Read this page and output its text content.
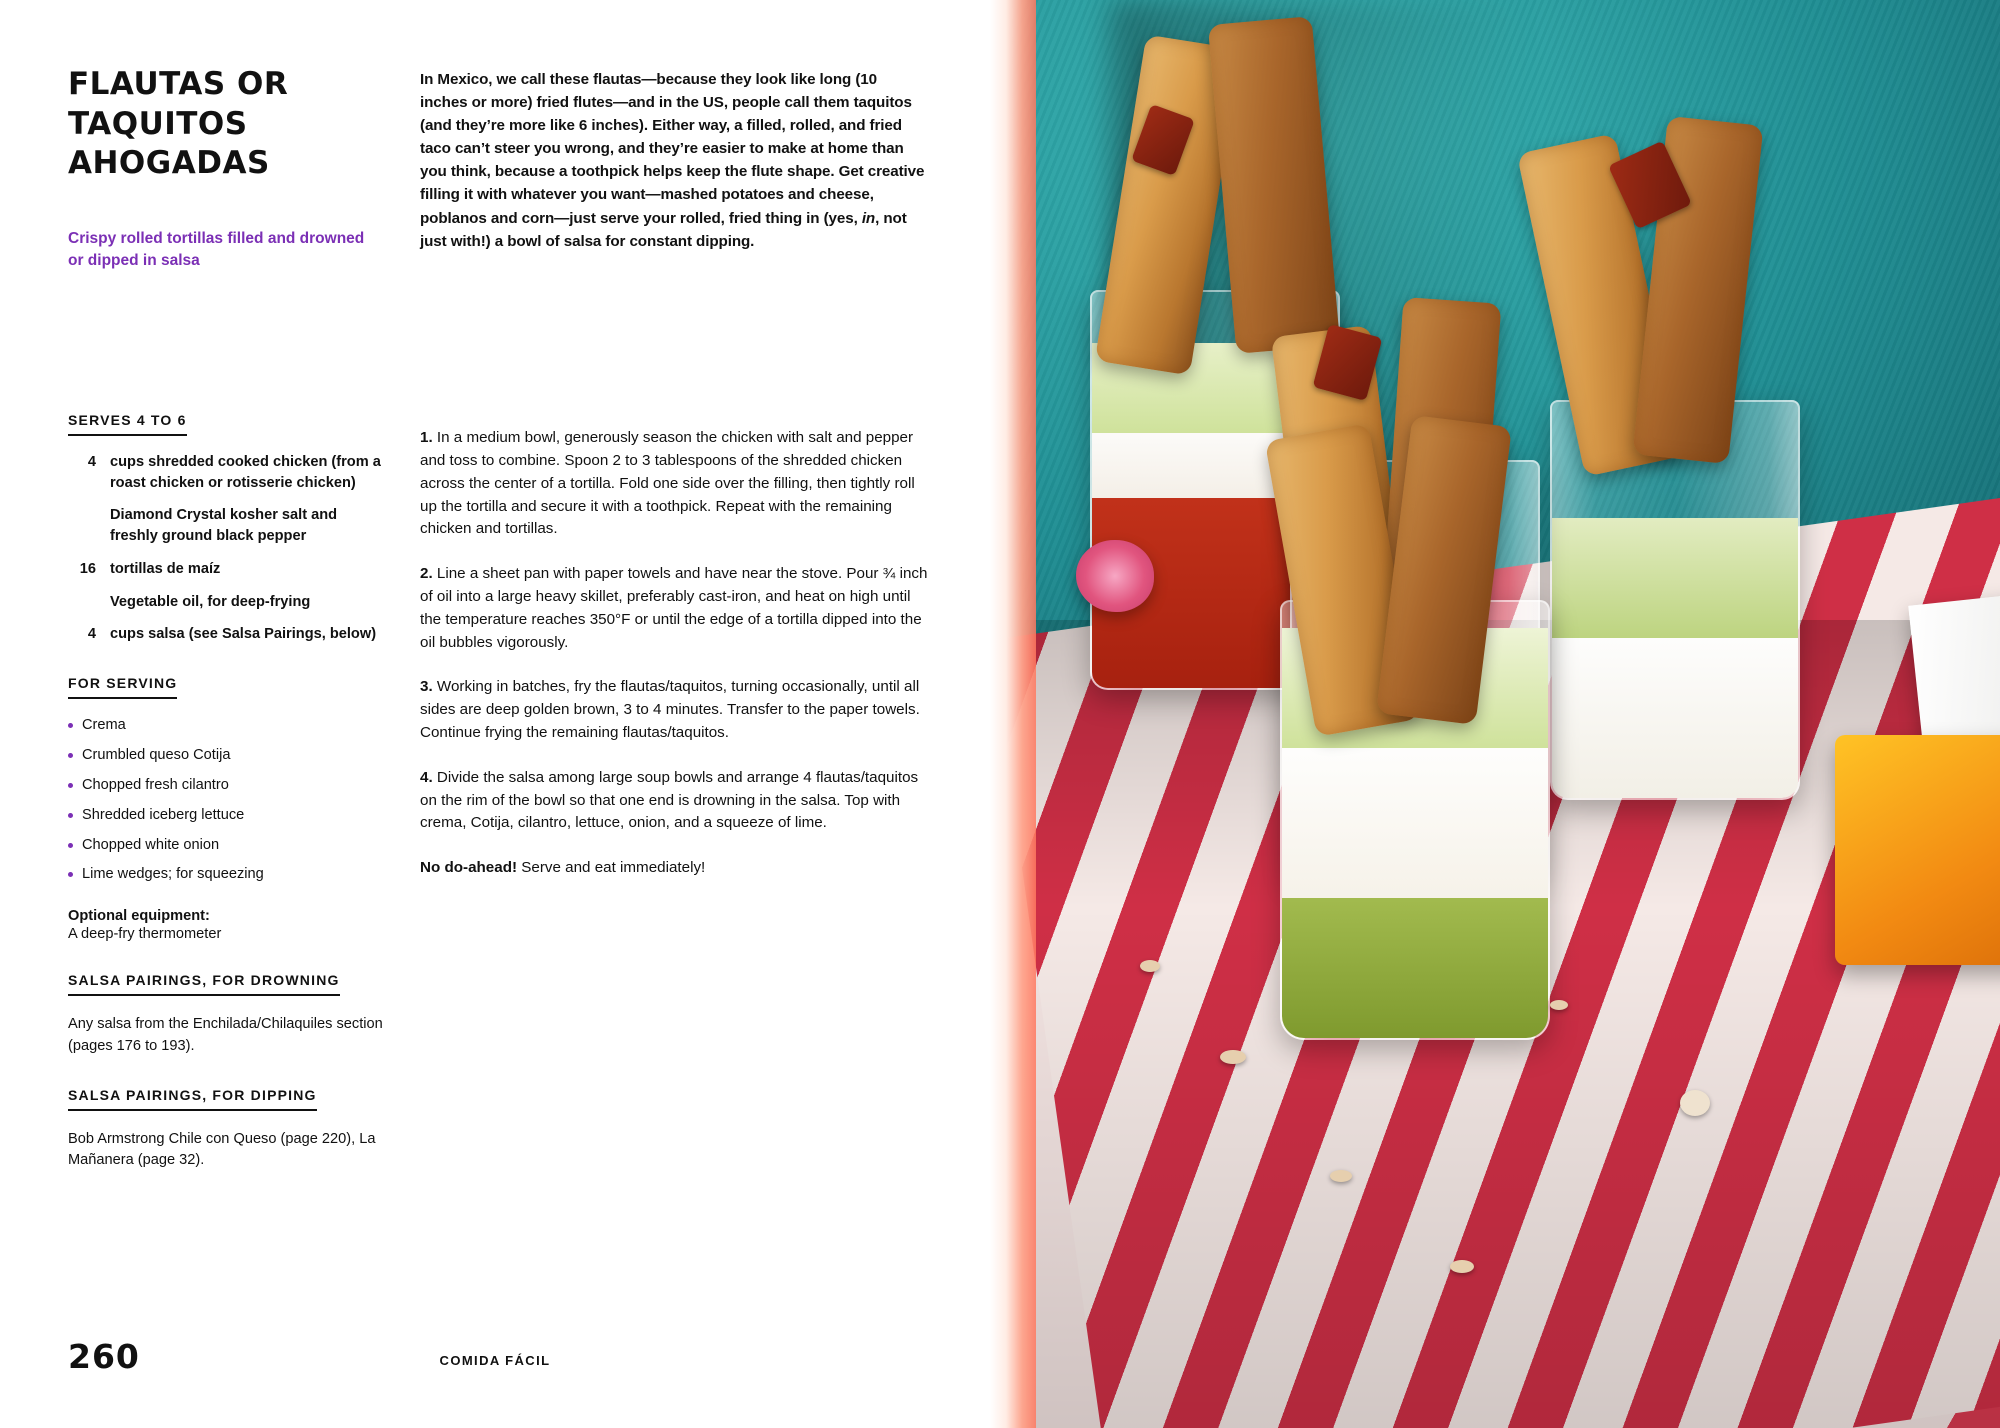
FLAUTAS OR TAQUITOS AHOGADAS
Crispy rolled tortillas filled and drowned or dipped in salsa
In Mexico, we call these flautas—because they look like long (10 inches or more) fried flutes—and in the US, people call them taquitos (and they’re more like 6 inches). Either way, a filled, rolled, and fried taco can’t steer you wrong, and they’re easier to make at home than you think, because a toothpick helps keep the flute shape. Get creative filling it with whatever you want—mashed potatoes and cheese, poblanos and corn—just serve your rolled, fried thing in (yes, in, not just with!) a bowl of salsa for constant dipping.
SERVES 4 TO 6
4 cups shredded cooked chicken (from a roast chicken or rotisserie chicken)
Diamond Crystal kosher salt and freshly ground black pepper
16 tortillas de maíz
Vegetable oil, for deep-frying
4 cups salsa (see Salsa Pairings, below)
FOR SERVING
Crema
Crumbled queso Cotija
Chopped fresh cilantro
Shredded iceberg lettuce
Chopped white onion
Lime wedges; for squeezing
Optional equipment:
A deep-fry thermometer
SALSA PAIRINGS, FOR DROWNING
Any salsa from the Enchilada/Chilaquiles section (pages 176 to 193).
SALSA PAIRINGS, FOR DIPPING
Bob Armstrong Chile con Queso (page 220), La Mañanera (page 32).

1. In a medium bowl, generously season the chicken with salt and pepper and toss to combine. Spoon 2 to 3 tablespoons of the shredded chicken across the center of a tortilla. Fold one side over the filling, then tightly roll up the tortilla and secure it with a toothpick. Repeat with the remaining chicken and tortillas.

2. Line a sheet pan with paper towels and have near the stove. Pour ¾ inch of oil into a large heavy skillet, preferably cast-iron, and heat on high until the temperature reaches 350°F or until the edge of a tortilla dipped into the oil bubbles vigorously.

3. Working in batches, fry the flautas/taquitos, turning occasionally, until all sides are deep golden brown, 3 to 4 minutes. Transfer to the paper towels. Continue frying the remaining flautas/taquitos.

4. Divide the salsa among large soup bowls and arrange 4 flautas/taquitos on the rim of the bowl so that one end is drowning in the salsa. Top with crema, Cotija, cilantro, lettuce, onion, and a squeeze of lime.

No do-ahead! Serve and eat immediately!

260	COMIDA FÁCIL
